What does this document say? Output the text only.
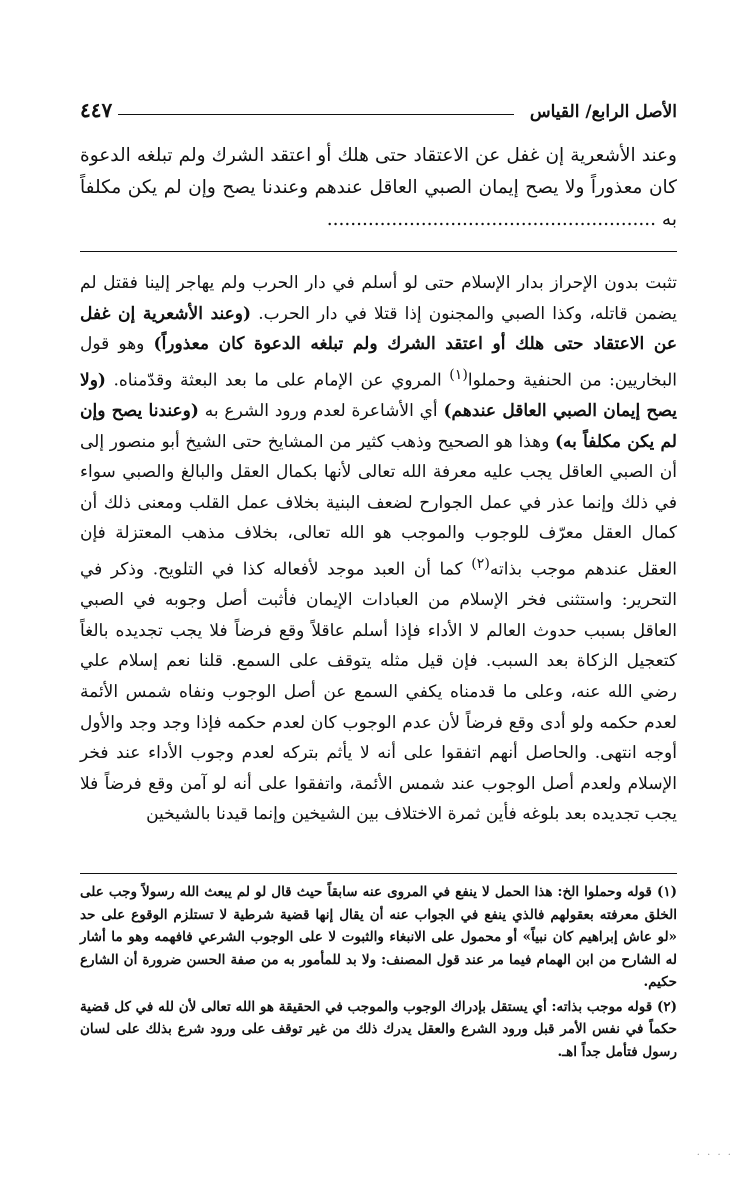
الأصل الرابع/ القياس
٤٤٧
وعند الأشعرية إن غفل عن الاعتقاد حتى هلك أو اعتقد الشرك ولم تبلغه الدعوة كان معذوراً ولا يصح إيمان الصبي العاقل عندهم وعندنا يصح وإن لم يكن مكلفاً به ........................................................
تثبت بدون الإحراز بدار الإسلام حتى لو أسلم في دار الحرب ولم يهاجر إلينا فقتل لم يضمن قاتله، وكذا الصبي والمجنون إذا قتلا في دار الحرب. (وعند الأشعرية إن غفل عن الاعتقاد حتى هلك أو اعتقد الشرك ولم تبلغه الدعوة كان معذوراً) وهو قول البخاريين: من الحنفية وحملوا$^{(١)}$ المروي عن الإمام على ما بعد البعثة وقدّمناه. (ولا يصح إيمان الصبي العاقل عندهم) أي الأشاعرة لعدم ورود الشرع به (وعندنا يصح وإن لم يكن مكلفاً به) وهذا هو الصحيح وذهب كثير من المشايخ حتى الشيخ أبو منصور إلى أن الصبي العاقل يجب عليه معرفة الله تعالى لأنها بكمال العقل والبالغ والصبي سواء في ذلك وإنما عذر في عمل الجوارح لضعف البنية بخلاف عمل القلب ومعنى ذلك أن كمال العقل معرّف للوجوب والموجب هو الله تعالى، بخلاف مذهب المعتزلة فإن العقل عندهم موجب بذاته$^{(٢)}$ كما أن العبد موجد لأفعاله كذا في التلويح. وذكر في التحرير: واستثنى فخر الإسلام من العبادات الإيمان فأثبت أصل وجوبه في الصبي العاقل بسبب حدوث العالم لا الأداء فإذا أسلم عاقلاً وقع فرضاً فلا يجب تجديده بالغاً كتعجيل الزكاة بعد السبب. فإن قيل مثله يتوقف على السمع. قلنا نعم إسلام علي رضي الله عنه، وعلى ما قدمناه يكفي السمع عن أصل الوجوب ونفاه شمس الأئمة لعدم حكمه ولو أدى وقع فرضاً لأن عدم الوجوب كان لعدم حكمه فإذا وجد وجد والأول أوجه انتهى. والحاصل أنهم اتفقوا على أنه لا يأثم بتركه لعدم وجوب الأداء عند فخر الإسلام ولعدم أصل الوجوب عند شمس الأئمة، واتفقوا على أنه لو آمن وقع فرضاً فلا يجب تجديده بعد بلوغه فأين ثمرة الاختلاف بين الشيخين وإنما قيدنا بالشيخين

(١) قوله وحملوا الخ: هذا الحمل لا ينفع في المروى عنه سابقاً حيث قال لو لم يبعث الله رسولاً وجب على الخلق معرفته بعقولهم فالذي ينفع في الجواب عنه أن يقال إنها قضية شرطية لا تستلزم الوقوع على حد «لو عاش إبراهيم كان نبياً» أو محمول على الانبغاء والثبوت لا على الوجوب الشرعي فافهمه وهو ما أشار له الشارح من ابن الهمام فيما مر عند قول المصنف: ولا بد للمأمور به من صفة الحسن ضرورة أن الشارع حكيم.

(٢) قوله موجب بذاته: أي يستقل بإدراك الوجوب والموجب في الحقيقة هو الله تعالى لأن لله في كل قضية حكماً في نفس الأمر قبل ورود الشرع والعقل يدرك ذلك من غير توقف على ورود شرع بذلك على لسان رسول فتأمل جداً اهـ.

· · · ·
